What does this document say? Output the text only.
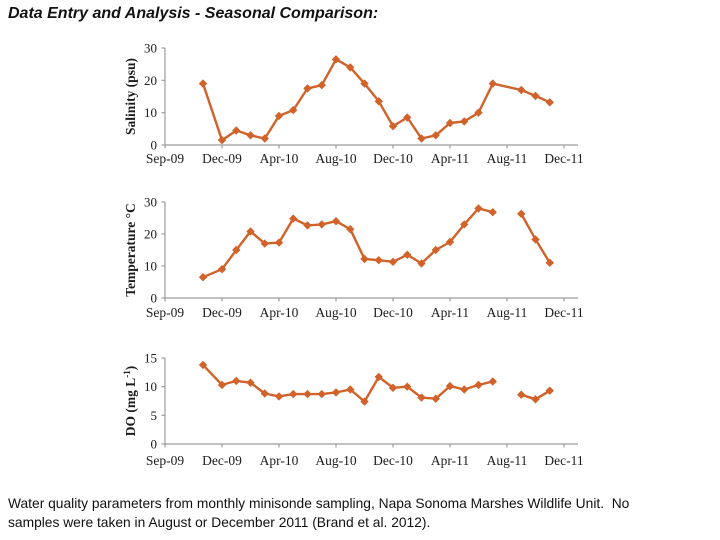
Data Entry and Analysis - Seasonal Comparison:
Sep-09 Dec-09 Apr-10 Aug-10 Dec-10 Apr-11 Aug-11 Dec-11
0
10
20
30
Salinity (psu)
Sep-09 Dec-09 Apr-10 Aug-10 Dec-10 Apr-11 Aug-11 Dec-11
0
10
20
30
Temperature °C
Sep-09 Dec-09 Apr-10 Aug-10 Dec-10 Apr-11 Aug-11 Dec-11
0
5
10
15
DO (mg $L^{-1}$)
Water quality parameters from monthly minisonde sampling, Napa Sonoma Marshes Wildlife Unit.  No
samples were taken in August or December 2011 (Brand et al. 2012).
